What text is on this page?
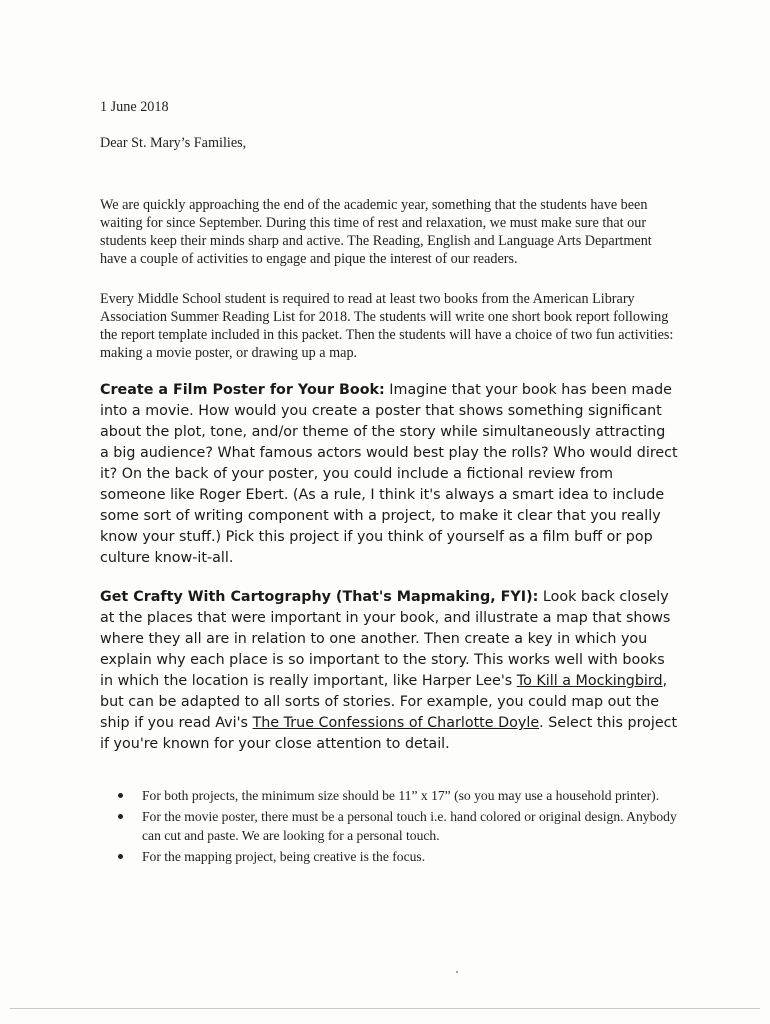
1 June 2018
Dear St. Mary’s Families,

We are quickly approaching the end of the academic year, something that the students have been waiting for since September. During this time of rest and relaxation, we must make sure that our students keep their minds sharp and active. The Reading, English and Language Arts Department have a couple of activities to engage and pique the interest of our readers.

Every Middle School student is required to read at least two books from the American Library Association Summer Reading List for 2018. The students will write one short book report following the report template included in this packet. Then the students will have a choice of two fun activities: making a movie poster, or drawing up a map.

Create a Film Poster for Your Book: Imagine that your book has been made into a movie. How would you create a poster that shows something significant about the plot, tone, and/or theme of the story while simultaneously attracting a big audience? What famous actors would best play the rolls? Who would direct it? On the back of your poster, you could include a fictional review from someone like Roger Ebert. (As a rule, I think it's always a smart idea to include some sort of writing component with a project, to make it clear that you really know your stuff.) Pick this project if you think of yourself as a film buff or pop culture know-it-all.

Get Crafty With Cartography (That's Mapmaking, FYI): Look back closely at the places that were important in your book, and illustrate a map that shows where they all are in relation to one another. Then create a key in which you explain why each place is so important to the story. This works well with books in which the location is really important, like Harper Lee's To Kill a Mockingbird, but can be adapted to all sorts of stories. For example, you could map out the ship if you read Avi's The True Confessions of Charlotte Doyle. Select this project if you're known for your close attention to detail.

For both projects, the minimum size should be 11” x 17” (so you may use a household printer).
For the movie poster, there must be a personal touch i.e. hand colored or original design. Anybody can cut and paste. We are looking for a personal touch.
For the mapping project, being creative is the focus.
